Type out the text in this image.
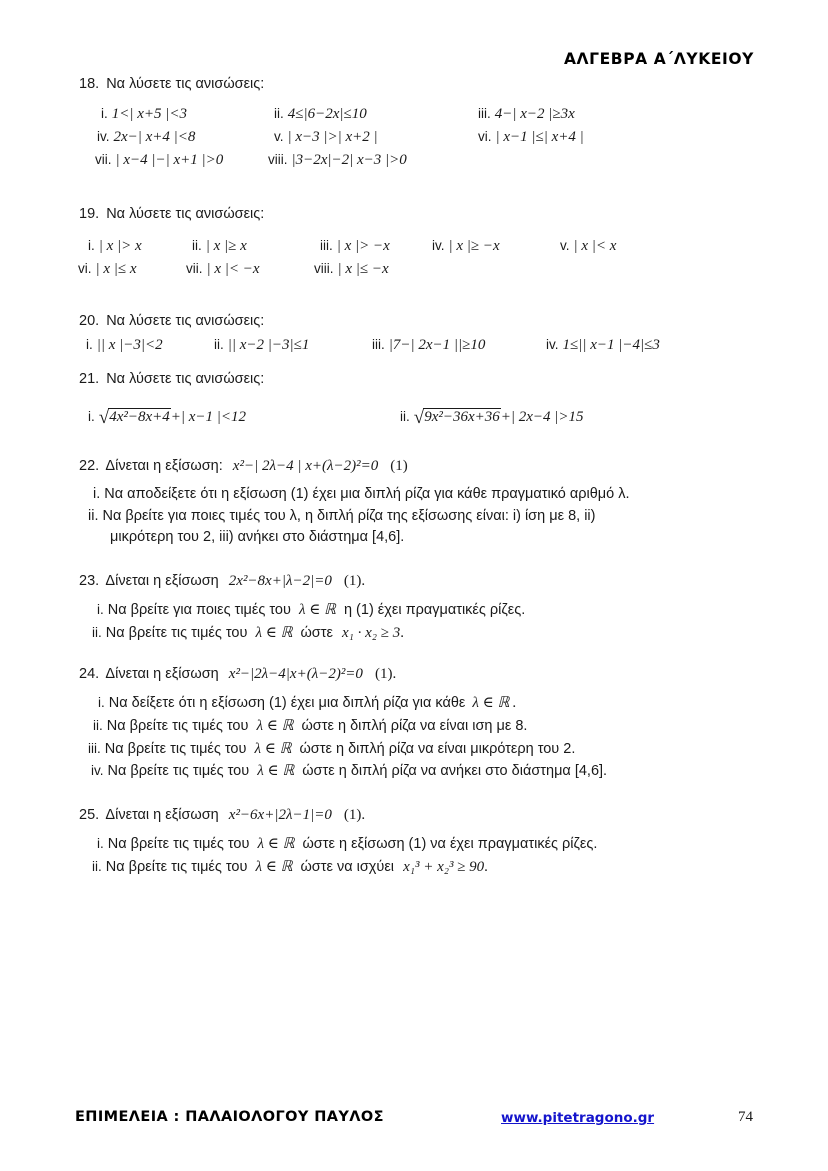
ΑΛΓΕΒΡΑ Α΄ΛΥΚΕΙΟΥ
18. Να λύσετε τις ανισώσεις:
i. 1<| x+5 |<3	ii. 4≤|6−2x|≤10	iii. 4−| x−2 |≥3x
iv. 2x−| x+4 |<8	v. | x−3 |>| x+2 |	vi. | x−1 |≤| x+4 |
vii. | x−4 |−| x+1 |>0	viii. |3−2x|−2| x−3 |>0
19. Να λύσετε τις ανισώσεις:
i. | x |> x	ii. | x |≥ x	iii. | x |> −x	iv. | x |≥ −x	v. | x |< x
vi. | x |≤ x	vii. | x |< −x	viii. | x |≤ −x
20. Να λύσετε τις ανισώσεις:
i. || x |−3|<2	ii. || x−2 |−3|≤1	iii. |7−| 2x−1 ||≥10	iv. 1≤|| x−1 |−4|≤3
21. Να λύσετε τις ανισώσεις:
i. √4x²−8x+4+| x−1 |<12	ii. √9x²−36x+36+| 2x−4 |>15
22. Δίνεται η εξίσωση: x²−| 2λ−4 | x+(λ−2)²=0 (1)
i. Να αποδείξετε ότι η εξίσωση (1) έχει μια διπλή ρίζα για κάθε πραγματικό αριθμό λ.
ii. Να βρείτε για ποιες τιμές του λ, η διπλή ρίζα της εξίσωσης είναι: i) ίση με 8, ii)
μικρότερη του 2, iii) ανήκει στο διάστημα [4,6].
23. Δίνεται η εξίσωση 2x²−8x+|λ−2|=0 (1).
i. Να βρείτε για ποιες τιμές του λ ∈ ℝ η (1) έχει πραγματικές ρίζες.
ii. Να βρείτε τις τιμές του λ ∈ ℝ ώστε x₁ · x₂ ≥ 3.
24. Δίνεται η εξίσωση x²−|2λ−4|x+(λ−2)²=0 (1).
i. Να δείξετε ότι η εξίσωση (1) έχει μια διπλή ρίζα για κάθε λ ∈ ℝ .
ii. Να βρείτε τις τιμές του λ ∈ ℝ ώστε η διπλή ρίζα να είναι ιση με 8.
iii. Να βρείτε τις τιμές του λ ∈ ℝ ώστε η διπλή ρίζα να είναι μικρότερη του 2.
iv. Να βρείτε τις τιμές του λ ∈ ℝ ώστε η διπλή ρίζα να ανήκει στο διάστημα [4,6].
25. Δίνεται η εξίσωση x²−6x+|2λ−1|=0 (1).
i. Να βρείτε τις τιμές του λ ∈ ℝ ώστε η εξίσωση (1) να έχει πραγματικές ρίζες.
ii. Να βρείτε τις τιμές του λ ∈ ℝ ώστε να ισχύει x₁³ + x₂³ ≥ 90.
ΕΠΙΜΕΛΕΙΑ : ΠΑΛΑΙΟΛΟΓΟΥ ΠΑΥΛΟΣ	www.pitetragono.gr	74
